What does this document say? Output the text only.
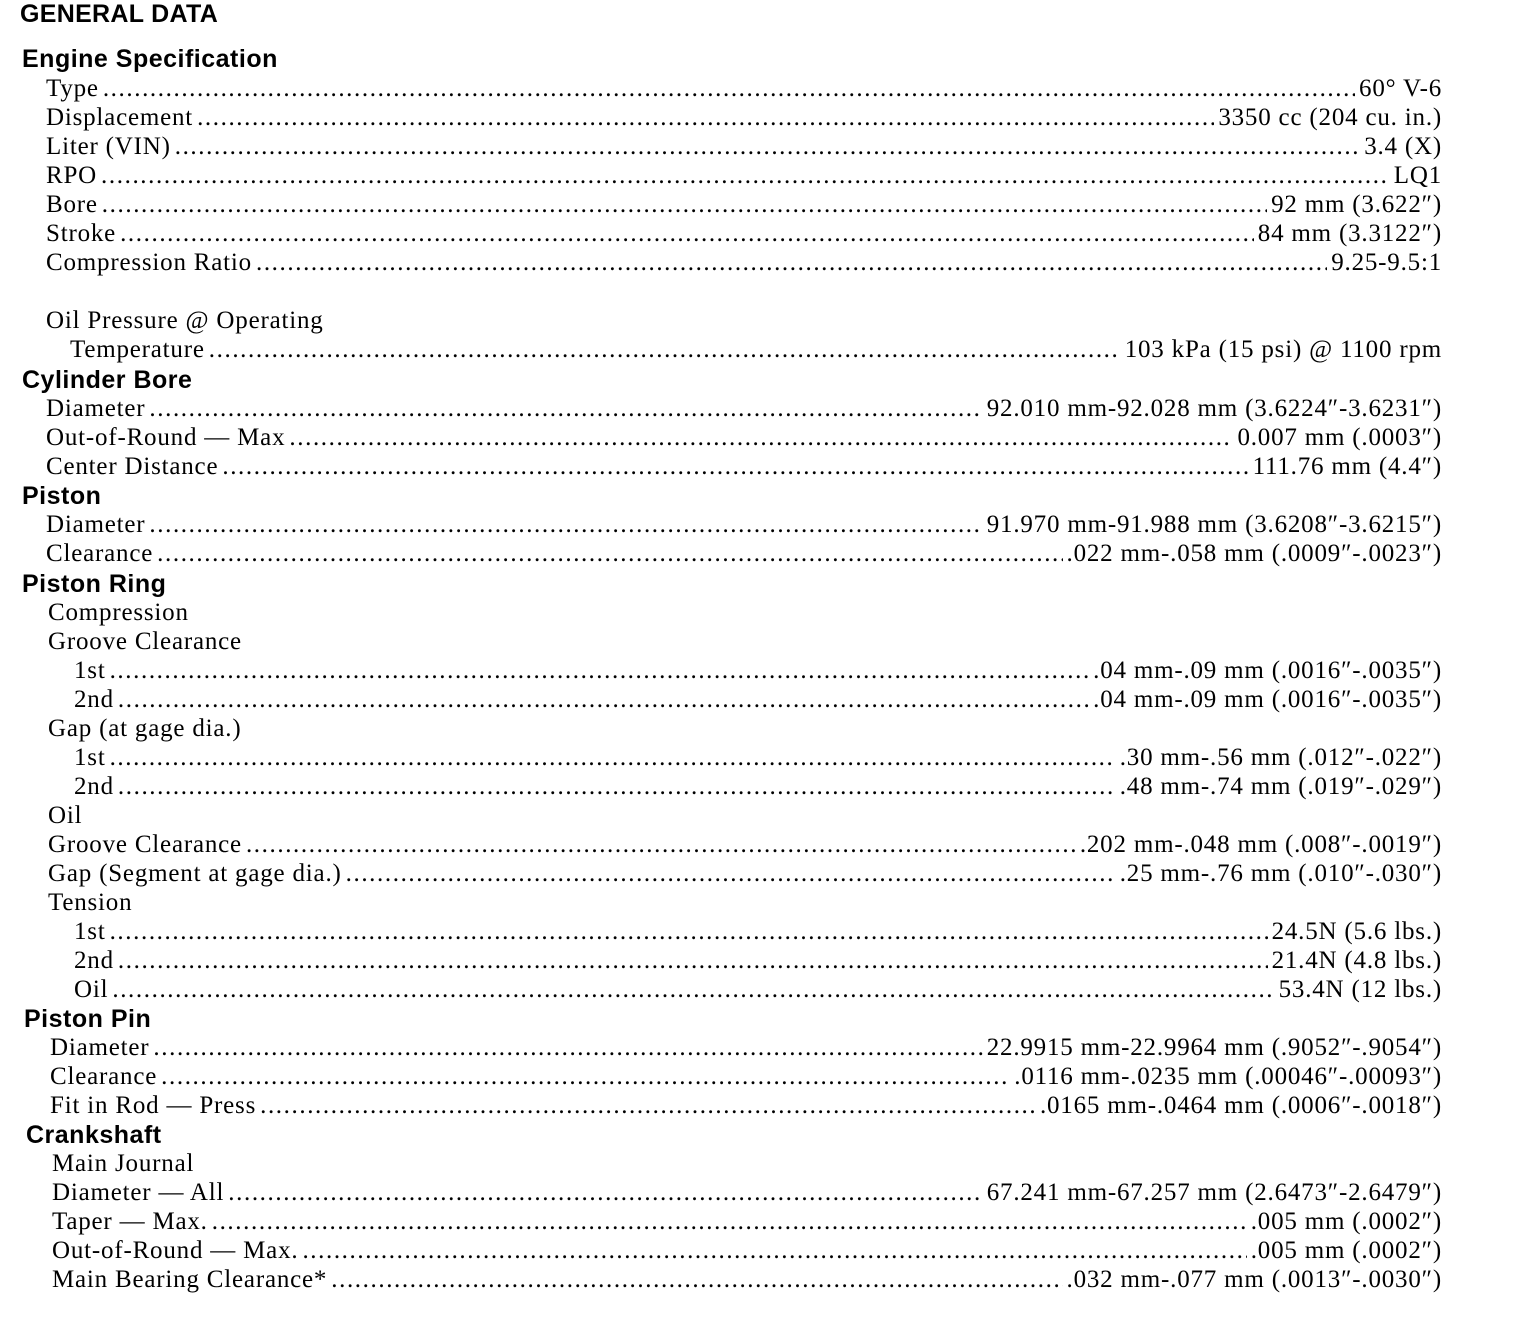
GENERAL DATA
Engine Specification
Type .....	60° V-6
Displacement .....	3350 cc (204 cu. in.)
Liter (VIN) .....	3.4 (X)
RPO .....	LQ1
Bore .....	92 mm (3.622″)
Stroke .....	84 mm (3.3122″)
Compression Ratio .....	9.25-9.5:1
Oil Pressure @ Operating
Temperature .....	103 kPa (15 psi) @ 1100 rpm
Cylinder Bore
Diameter .....	92.010 mm-92.028 mm (3.6224″-3.6231″)
Out-of-Round — Max .....	0.007 mm (.0003″)
Center Distance .....	111.76 mm (4.4″)
Piston
Diameter .....	91.970 mm-91.988 mm (3.6208″-3.6215″)
Clearance .....	.022 mm-.058 mm (.0009″-.0023″)
Piston Ring
Compression
Groove Clearance
1st .....	.04 mm-.09 mm (.0016″-.0035″)
2nd .....	.04 mm-.09 mm (.0016″-.0035″)
Gap (at gage dia.)
1st .....	.30 mm-.56 mm (.012″-.022″)
2nd .....	.48 mm-.74 mm (.019″-.029″)
Oil
Groove Clearance .....	.202 mm-.048 mm (.008″-.0019″)
Gap (Segment at gage dia.) .....	.25 mm-.76 mm (.010″-.030″)
Tension
1st .....	24.5N (5.6 lbs.)
2nd .....	21.4N (4.8 lbs.)
Oil .....	53.4N (12 lbs.)
Piston Pin
Diameter .....	22.9915 mm-22.9964 mm (.9052″-.9054″)
Clearance .....	.0116 mm-.0235 mm (.00046″-.00093″)
Fit in Rod — Press .....	.0165 mm-.0464 mm (.0006″-.0018″)
Crankshaft
Main Journal
Diameter — All .....	67.241 mm-67.257 mm (2.6473″-2.6479″)
Taper — Max. .....	.005 mm (.0002″)
Out-of-Round — Max. .....	.005 mm (.0002″)
Main Bearing Clearance* .....	.032 mm-.077 mm (.0013″-.0030″)
